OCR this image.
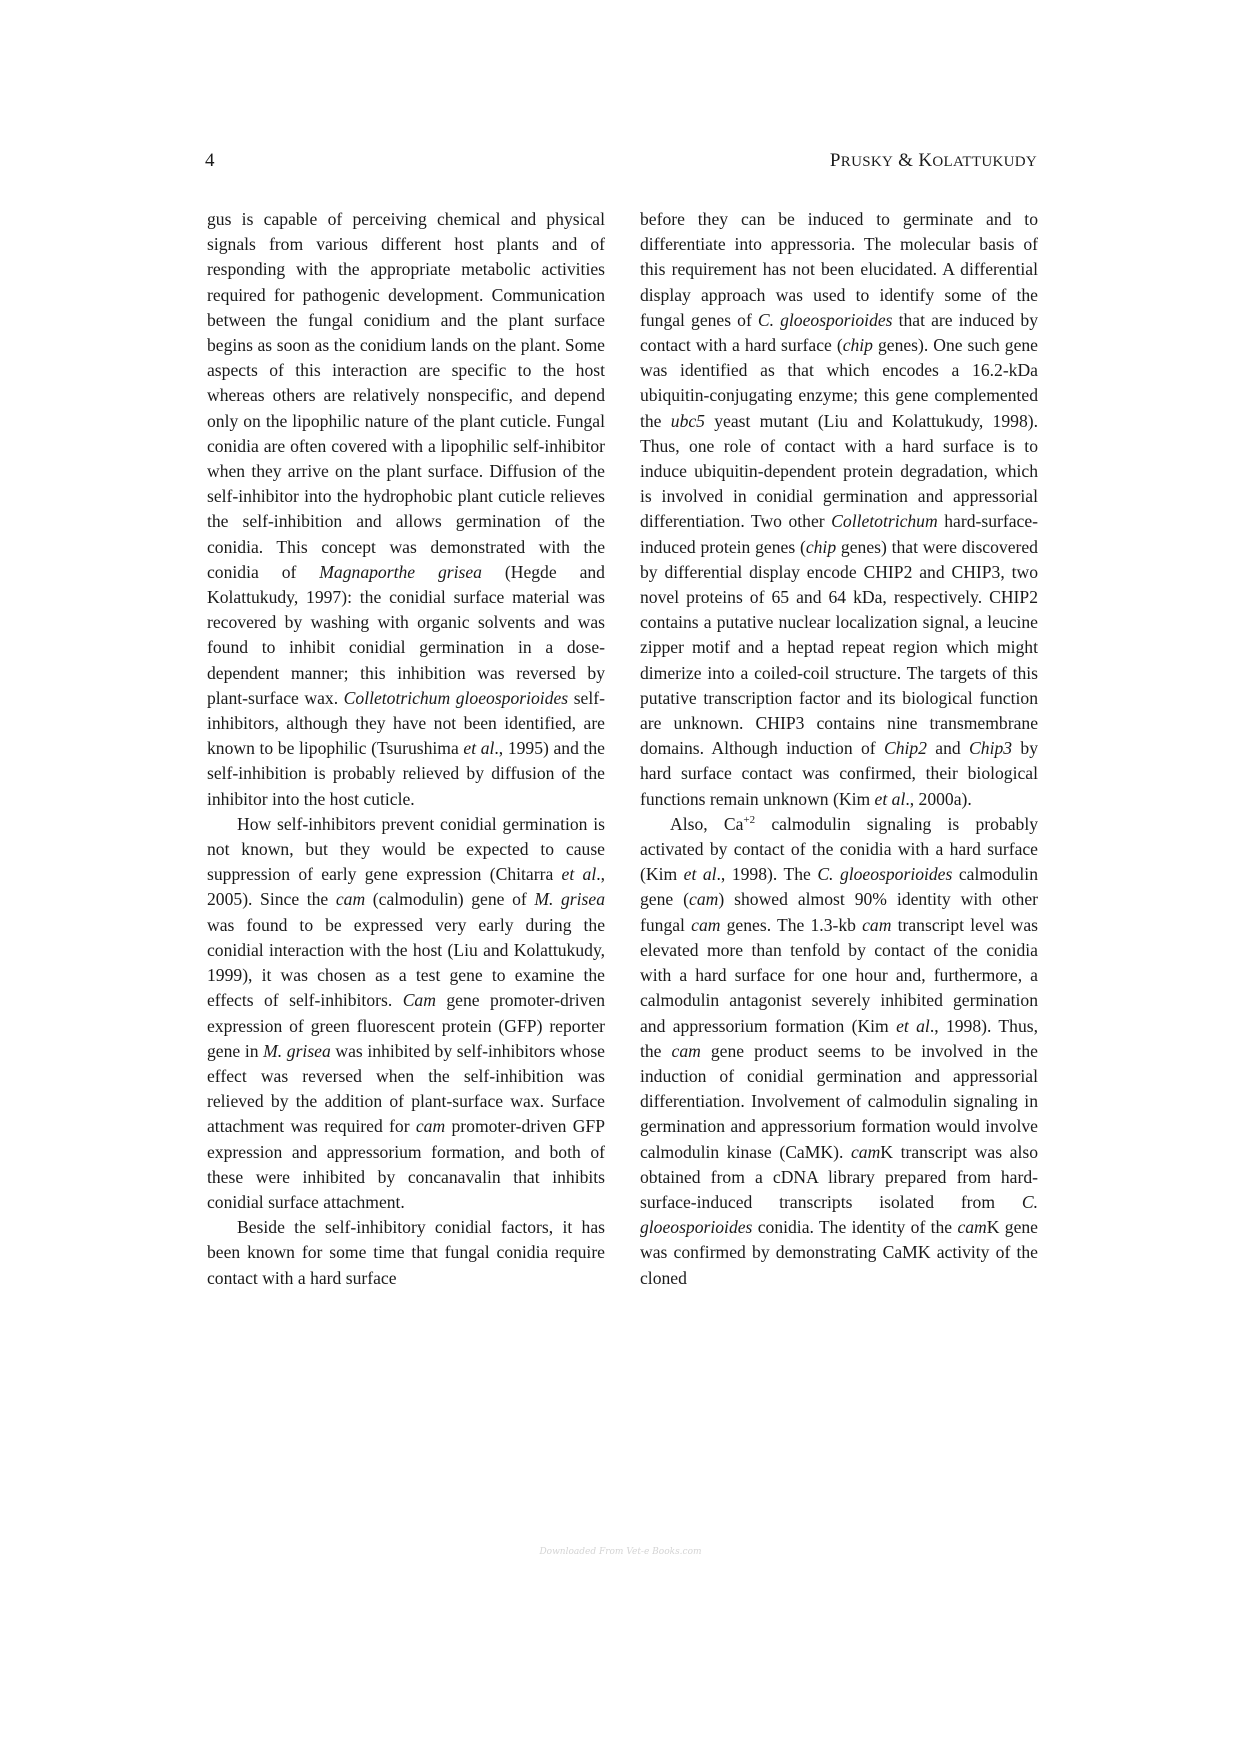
4	PRUSKY & KOLATTUKUDY

gus is capable of perceiving chemical and physical signals from various different host plants and of responding with the appropriate metabolic activities required for pathogenic development. Communication between the fungal conidium and the plant surface begins as soon as the conidium lands on the plant. Some aspects of this interaction are specific to the host whereas others are relatively nonspecific, and depend only on the lipophilic nature of the plant cuticle. Fungal conidia are often covered with a lipophilic self-inhibitor when they arrive on the plant surface. Diffusion of the self-inhibitor into the hydrophobic plant cuticle relieves the self-inhibition and allows germination of the conidia. This concept was demonstrated with the conidia of Magnaporthe grisea (Hegde and Kolattukudy, 1997): the conidial surface material was recovered by washing with organic solvents and was found to inhibit conidial germination in a dose-dependent manner; this inhibition was reversed by plant-surface wax. Colletotrichum gloeosporioides self-inhibitors, although they have not been identified, are known to be lipophilic (Tsurushima et al., 1995) and the self-inhibition is probably relieved by diffusion of the inhibitor into the host cuticle.

How self-inhibitors prevent conidial germination is not known, but they would be expected to cause suppression of early gene expression (Chitarra et al., 2005). Since the cam (calmodulin) gene of M. grisea was found to be expressed very early during the conidial interaction with the host (Liu and Kolattukudy, 1999), it was chosen as a test gene to examine the effects of self-inhibitors. Cam gene promoter-driven expression of green fluorescent protein (GFP) reporter gene in M. grisea was inhibited by self-inhibitors whose effect was reversed when the self-inhibition was relieved by the addition of plant-surface wax. Surface attachment was required for cam promoter-driven GFP expression and appressorium formation, and both of these were inhibited by concanavalin that inhibits conidial surface attachment.

Beside the self-inhibitory conidial factors, it has been known for some time that fungal conidia require contact with a hard surface

before they can be induced to germinate and to differentiate into appressoria. The molecular basis of this requirement has not been elucidated. A differential display approach was used to identify some of the fungal genes of C. gloeosporioides that are induced by contact with a hard surface (chip genes). One such gene was identified as that which encodes a 16.2-kDa ubiquitin-conjugating enzyme; this gene complemented the ubc5 yeast mutant (Liu and Kolattukudy, 1998). Thus, one role of contact with a hard surface is to induce ubiquitin-dependent protein degradation, which is involved in conidial germination and appressorial differentiation. Two other Colletotrichum hard-surface-induced protein genes (chip genes) that were discovered by differential display encode CHIP2 and CHIP3, two novel proteins of 65 and 64 kDa, respectively. CHIP2 contains a putative nuclear localization signal, a leucine zipper motif and a heptad repeat region which might dimerize into a coiled-coil structure. The targets of this putative transcription factor and its biological function are unknown. CHIP3 contains nine transmembrane domains. Although induction of Chip2 and Chip3 by hard surface contact was confirmed, their biological functions remain unknown (Kim et al., 2000a).

Also, $Ca^{+2}$ calmodulin signaling is probably activated by contact of the conidia with a hard surface (Kim et al., 1998). The C. gloeosporioides calmodulin gene (cam) showed almost 90% identity with other fungal cam genes. The 1.3-kb cam transcript level was elevated more than tenfold by contact of the conidia with a hard surface for one hour and, furthermore, a calmodulin antagonist severely inhibited germination and appressorium formation (Kim et al., 1998). Thus, the cam gene product seems to be involved in the induction of conidial germination and appressorial differentiation. Involvement of calmodulin signaling in germination and appressorium formation would involve calmodulin kinase (CaMK). camK transcript was also obtained from a cDNA library prepared from hard-surface-induced transcripts isolated from C. gloeosporioides conidia. The identity of the camK gene was confirmed by demonstrating CaMK activity of the cloned

Downloaded From Vet-e Books.com
